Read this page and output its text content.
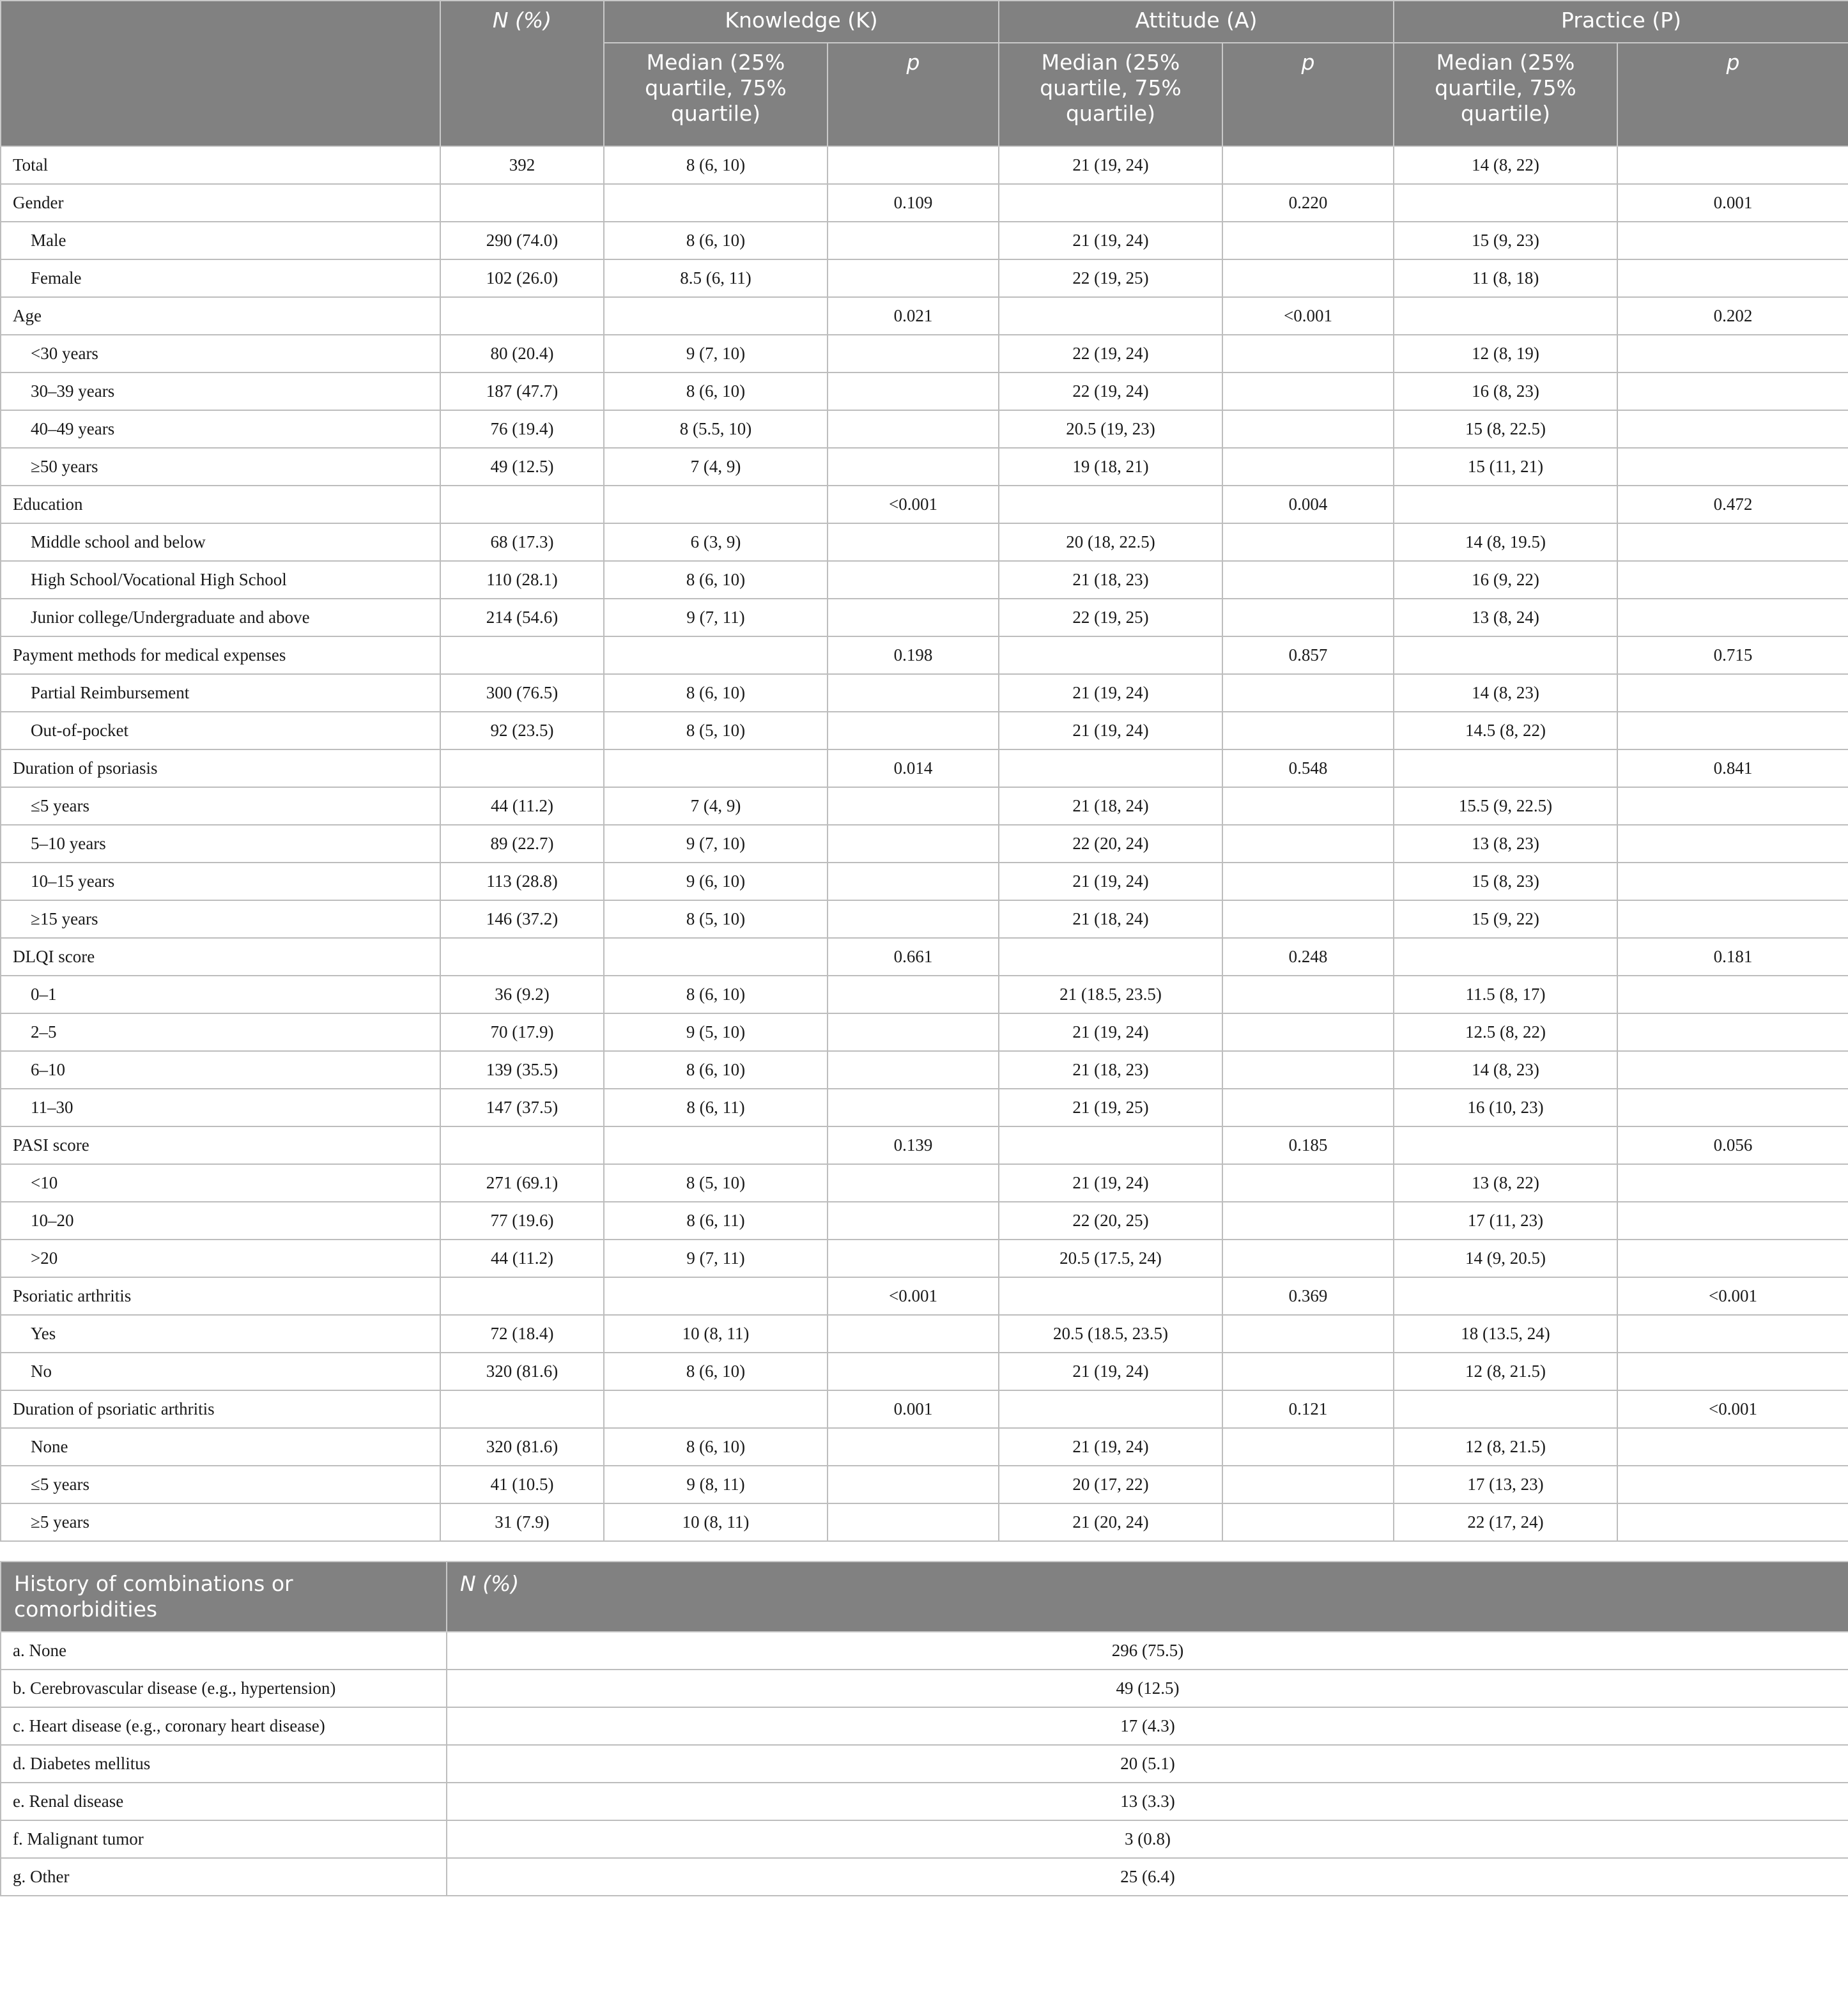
	N (%)	Knowledge (K)		Attitude (A)		Practice (P)	
		Median (25% quartile, 75% quartile)	p	Median (25% quartile, 75% quartile)	p	Median (25% quartile, 75% quartile)	p
Total	392	8 (6, 10)		21 (19, 24)		14 (8, 22)	
Gender			0.109		0.220		0.001
Male	290 (74.0)	8 (6, 10)		21 (19, 24)		15 (9, 23)	
Female	102 (26.0)	8.5 (6, 11)		22 (19, 25)		11 (8, 18)	
Age			0.021		<0.001		0.202
<30 years	80 (20.4)	9 (7, 10)		22 (19, 24)		12 (8, 19)	
30–39 years	187 (47.7)	8 (6, 10)		22 (19, 24)		16 (8, 23)	
40–49 years	76 (19.4)	8 (5.5, 10)		20.5 (19, 23)		15 (8, 22.5)	
≥50 years	49 (12.5)	7 (4, 9)		19 (18, 21)		15 (11, 21)	
Education			<0.001		0.004		0.472
Middle school and below	68 (17.3)	6 (3, 9)		20 (18, 22.5)		14 (8, 19.5)	
High School/Vocational High School	110 (28.1)	8 (6, 10)		21 (18, 23)		16 (9, 22)	
Junior college/Undergraduate and above	214 (54.6)	9 (7, 11)		22 (19, 25)		13 (8, 24)	
Payment methods for medical expenses			0.198		0.857		0.715
Partial Reimbursement	300 (76.5)	8 (6, 10)		21 (19, 24)		14 (8, 23)	
Out-of-pocket	92 (23.5)	8 (5, 10)		21 (19, 24)		14.5 (8, 22)	
Duration of psoriasis			0.014		0.548		0.841
≤5 years	44 (11.2)	7 (4, 9)		21 (18, 24)		15.5 (9, 22.5)	
5–10 years	89 (22.7)	9 (7, 10)		22 (20, 24)		13 (8, 23)	
10–15 years	113 (28.8)	9 (6, 10)		21 (19, 24)		15 (8, 23)	
≥15 years	146 (37.2)	8 (5, 10)		21 (18, 24)		15 (9, 22)	
DLQI score			0.661		0.248		0.181
0–1	36 (9.2)	8 (6, 10)		21 (18.5, 23.5)		11.5 (8, 17)	
2–5	70 (17.9)	9 (5, 10)		21 (19, 24)		12.5 (8, 22)	
6–10	139 (35.5)	8 (6, 10)		21 (18, 23)		14 (8, 23)	
11–30	147 (37.5)	8 (6, 11)		21 (19, 25)		16 (10, 23)	
PASI score			0.139		0.185		0.056
<10	271 (69.1)	8 (5, 10)		21 (19, 24)		13 (8, 22)	
10–20	77 (19.6)	8 (6, 11)		22 (20, 25)		17 (11, 23)	
>20	44 (11.2)	9 (7, 11)		20.5 (17.5, 24)		14 (9, 20.5)	
Psoriatic arthritis			<0.001		0.369		<0.001
Yes	72 (18.4)	10 (8, 11)		20.5 (18.5, 23.5)		18 (13.5, 24)	
No	320 (81.6)	8 (6, 10)		21 (19, 24)		12 (8, 21.5)	
Duration of psoriatic arthritis			0.001		0.121		<0.001
None	320 (81.6)	8 (6, 10)		21 (19, 24)		12 (8, 21.5)	
≤5 years	41 (10.5)	9 (8, 11)		20 (17, 22)		17 (13, 23)	
≥5 years	31 (7.9)	10 (8, 11)		21 (20, 24)		22 (17, 24)	
History of combinations or comorbidities	N (%)
a. None	296 (75.5)
b. Cerebrovascular disease (e.g., hypertension)	49 (12.5)
c. Heart disease (e.g., coronary heart disease)	17 (4.3)
d. Diabetes mellitus	20 (5.1)
e. Renal disease	13 (3.3)
f. Malignant tumor	3 (0.8)
g. Other	25 (6.4)
